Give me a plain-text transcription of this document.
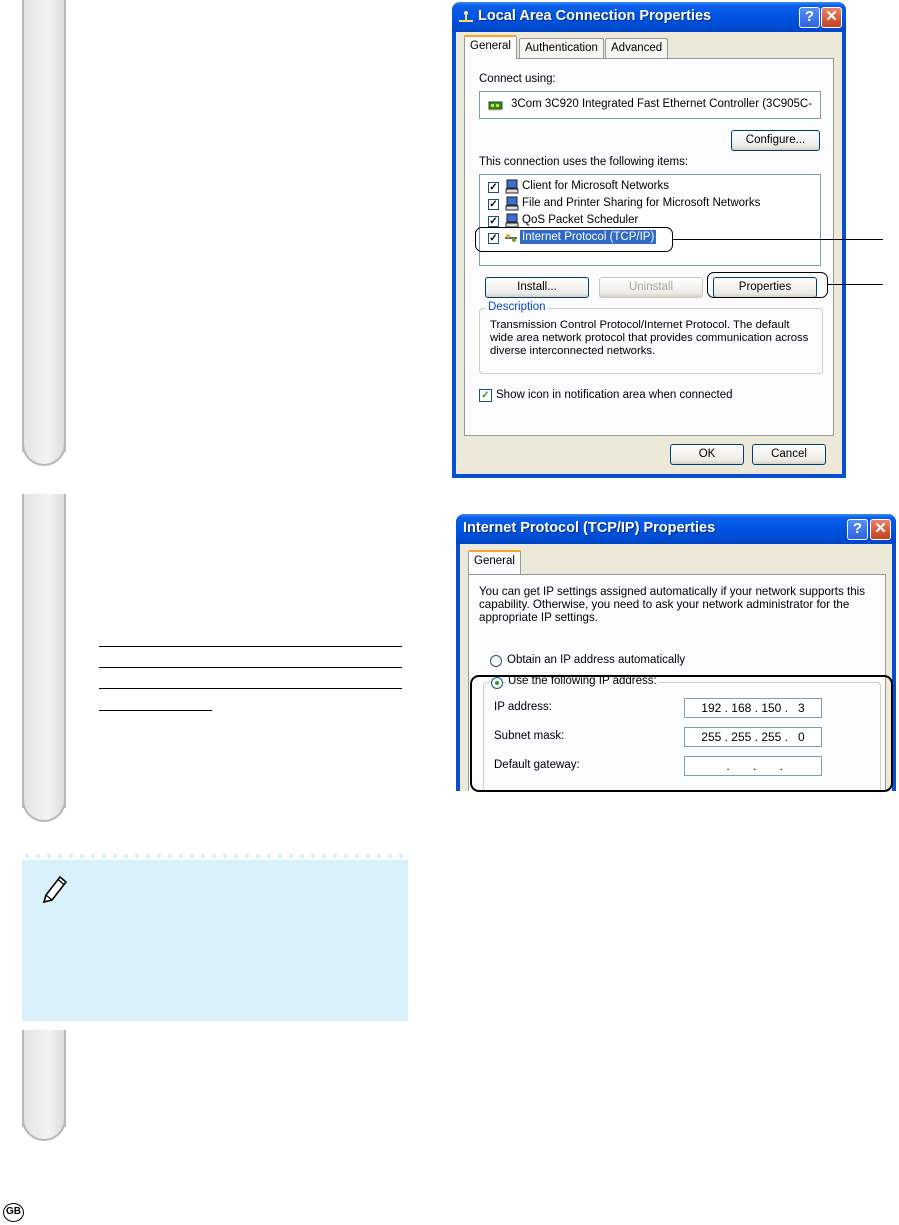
Local Area Connection Properties	? ✕
General	Authentication	Advanced
Connect using:
3Com 3C920 Integrated Fast Ethernet Controller (3C905C-
Configure...
This connection uses the following items:
✓ Client for Microsoft Networks
✓ File and Printer Sharing for Microsoft Networks
✓ QoS Packet Scheduler
✓ Internet Protocol (TCP/IP)
Install...	Uninstall	Properties
Description
Transmission Control Protocol/Internet Protocol. The default wide area network protocol that provides communication across diverse interconnected networks.
✓ Show icon in notification area when connected
OK	Cancel
Internet Protocol (TCP/IP) Properties	? ✕
General
You can get IP settings assigned automatically if your network supports this capability. Otherwise, you need to ask your network administrator for the appropriate IP settings.
Obtain an IP address automatically
Use the following IP address:
IP address:	192 . 168 . 150 .   3
Subnet mask:	255 . 255 . 255 .   0
Default gateway:	.       .       .
GB
